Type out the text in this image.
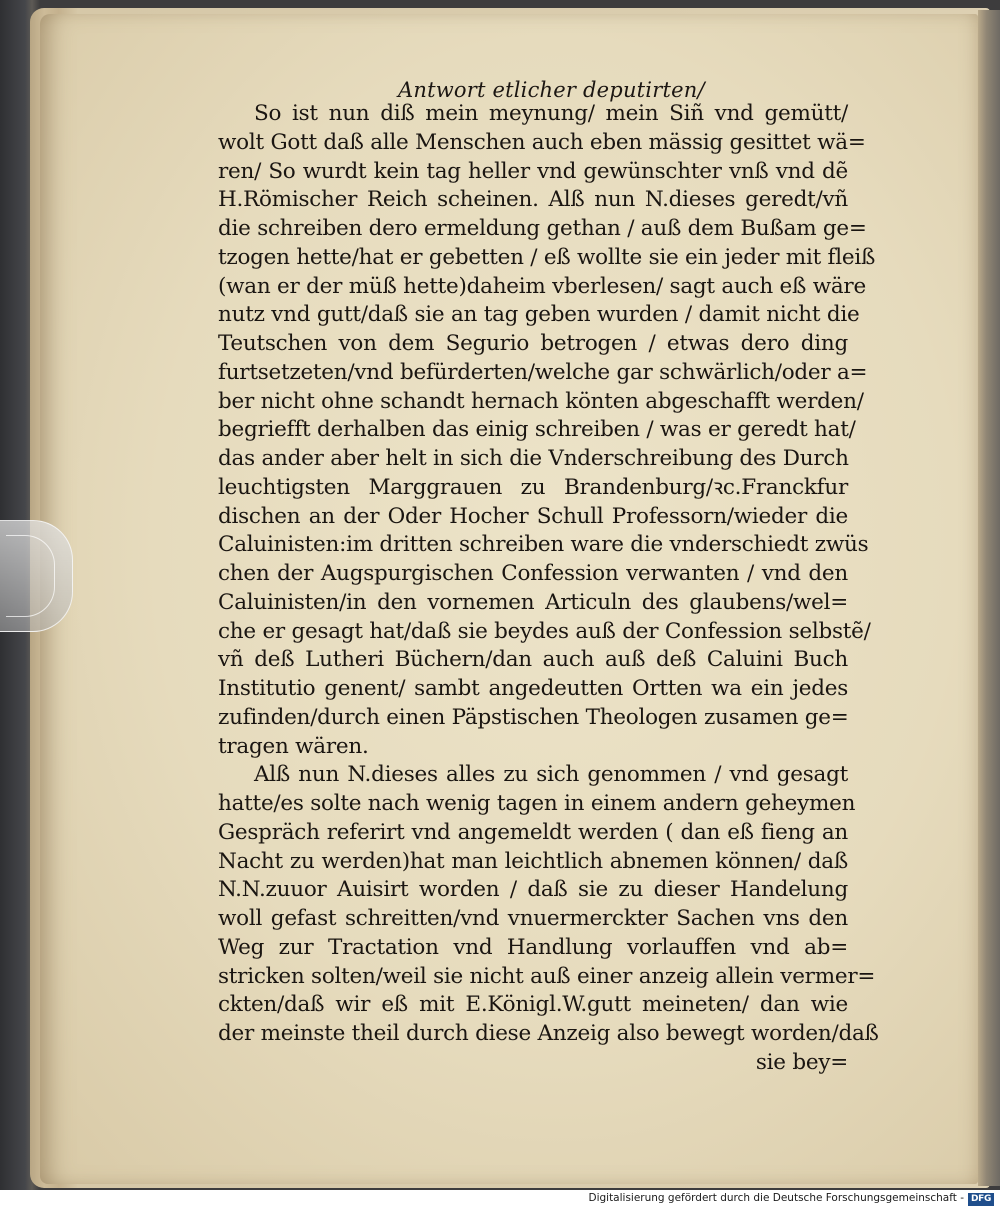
Antwort etlicher deputirten/
So ist nun diß mein meynung/ mein Siñ vnd gemütt/
wolt Gott daß alle Menschen auch eben mässig gesittet wä=
ren/ So wurdt kein tag heller vnd gewünschter vnß vnd dẽ
H.Römischer Reich scheinen. Alß nun N.dieses geredt/vñ
die schreiben dero ermeldung gethan / auß dem Bußam ge=
tzogen hette/hat er gebetten / eß wollte sie ein jeder mit fleiß
(wan er der müß hette)daheim vberlesen/ sagt auch eß wäre
nutz vnd gutt/daß sie an tag geben wurden / damit nicht die
Teutschen von dem Segurio betrogen / etwas dero ding
furtsetzeten/vnd befürderten/welche gar schwärlich/oder a=
ber nicht ohne schandt hernach könten abgeschafft werden/
begriefft derhalben das einig schreiben / was er geredt hat/
das ander aber helt in sich die Vnderschreibung des Durch
leuchtigsten Marggrauen zu Brandenburg/ꝛc.Franckfur
dischen an der Oder Hocher Schull Professorn/wieder die
Caluinisten:im dritten schreiben ware die vnderschiedt zwüs
chen der Augspurgischen Confession verwanten / vnd den
Caluinisten/in den vornemen Articuln des glaubens/wel=
che er gesagt hat/daß sie beydes auß der Confession selbstẽ/
vñ deß Lutheri Büchern/dan auch auß deß Caluini Buch
Institutio genent/ sambt angedeutten Ortten wa ein jedes
zufinden/durch einen Päpstischen Theologen zusamen ge=
tragen wären.
Alß nun N.dieses alles zu sich genommen / vnd gesagt
hatte/es solte nach wenig tagen in einem andern geheymen
Gespräch referirt vnd angemeldt werden ( dan eß fieng an
Nacht zu werden)hat man leichtlich abnemen können/ daß
N.N.zuuor Auisirt worden / daß sie zu dieser Handelung
woll gefast schreitten/vnd vnuermerckter Sachen vns den
Weg zur Tractation vnd Handlung vorlauffen vnd ab=
stricken solten/weil sie nicht auß einer anzeig allein vermer=
ckten/daß wir eß mit E.Königl.W.gutt meineten/ dan wie
der meinste theil durch diese Anzeig also bewegt worden/daß
sie bey=
Digitalisierung gefördert durch die Deutsche Forschungsgemeinschaft - DFG
